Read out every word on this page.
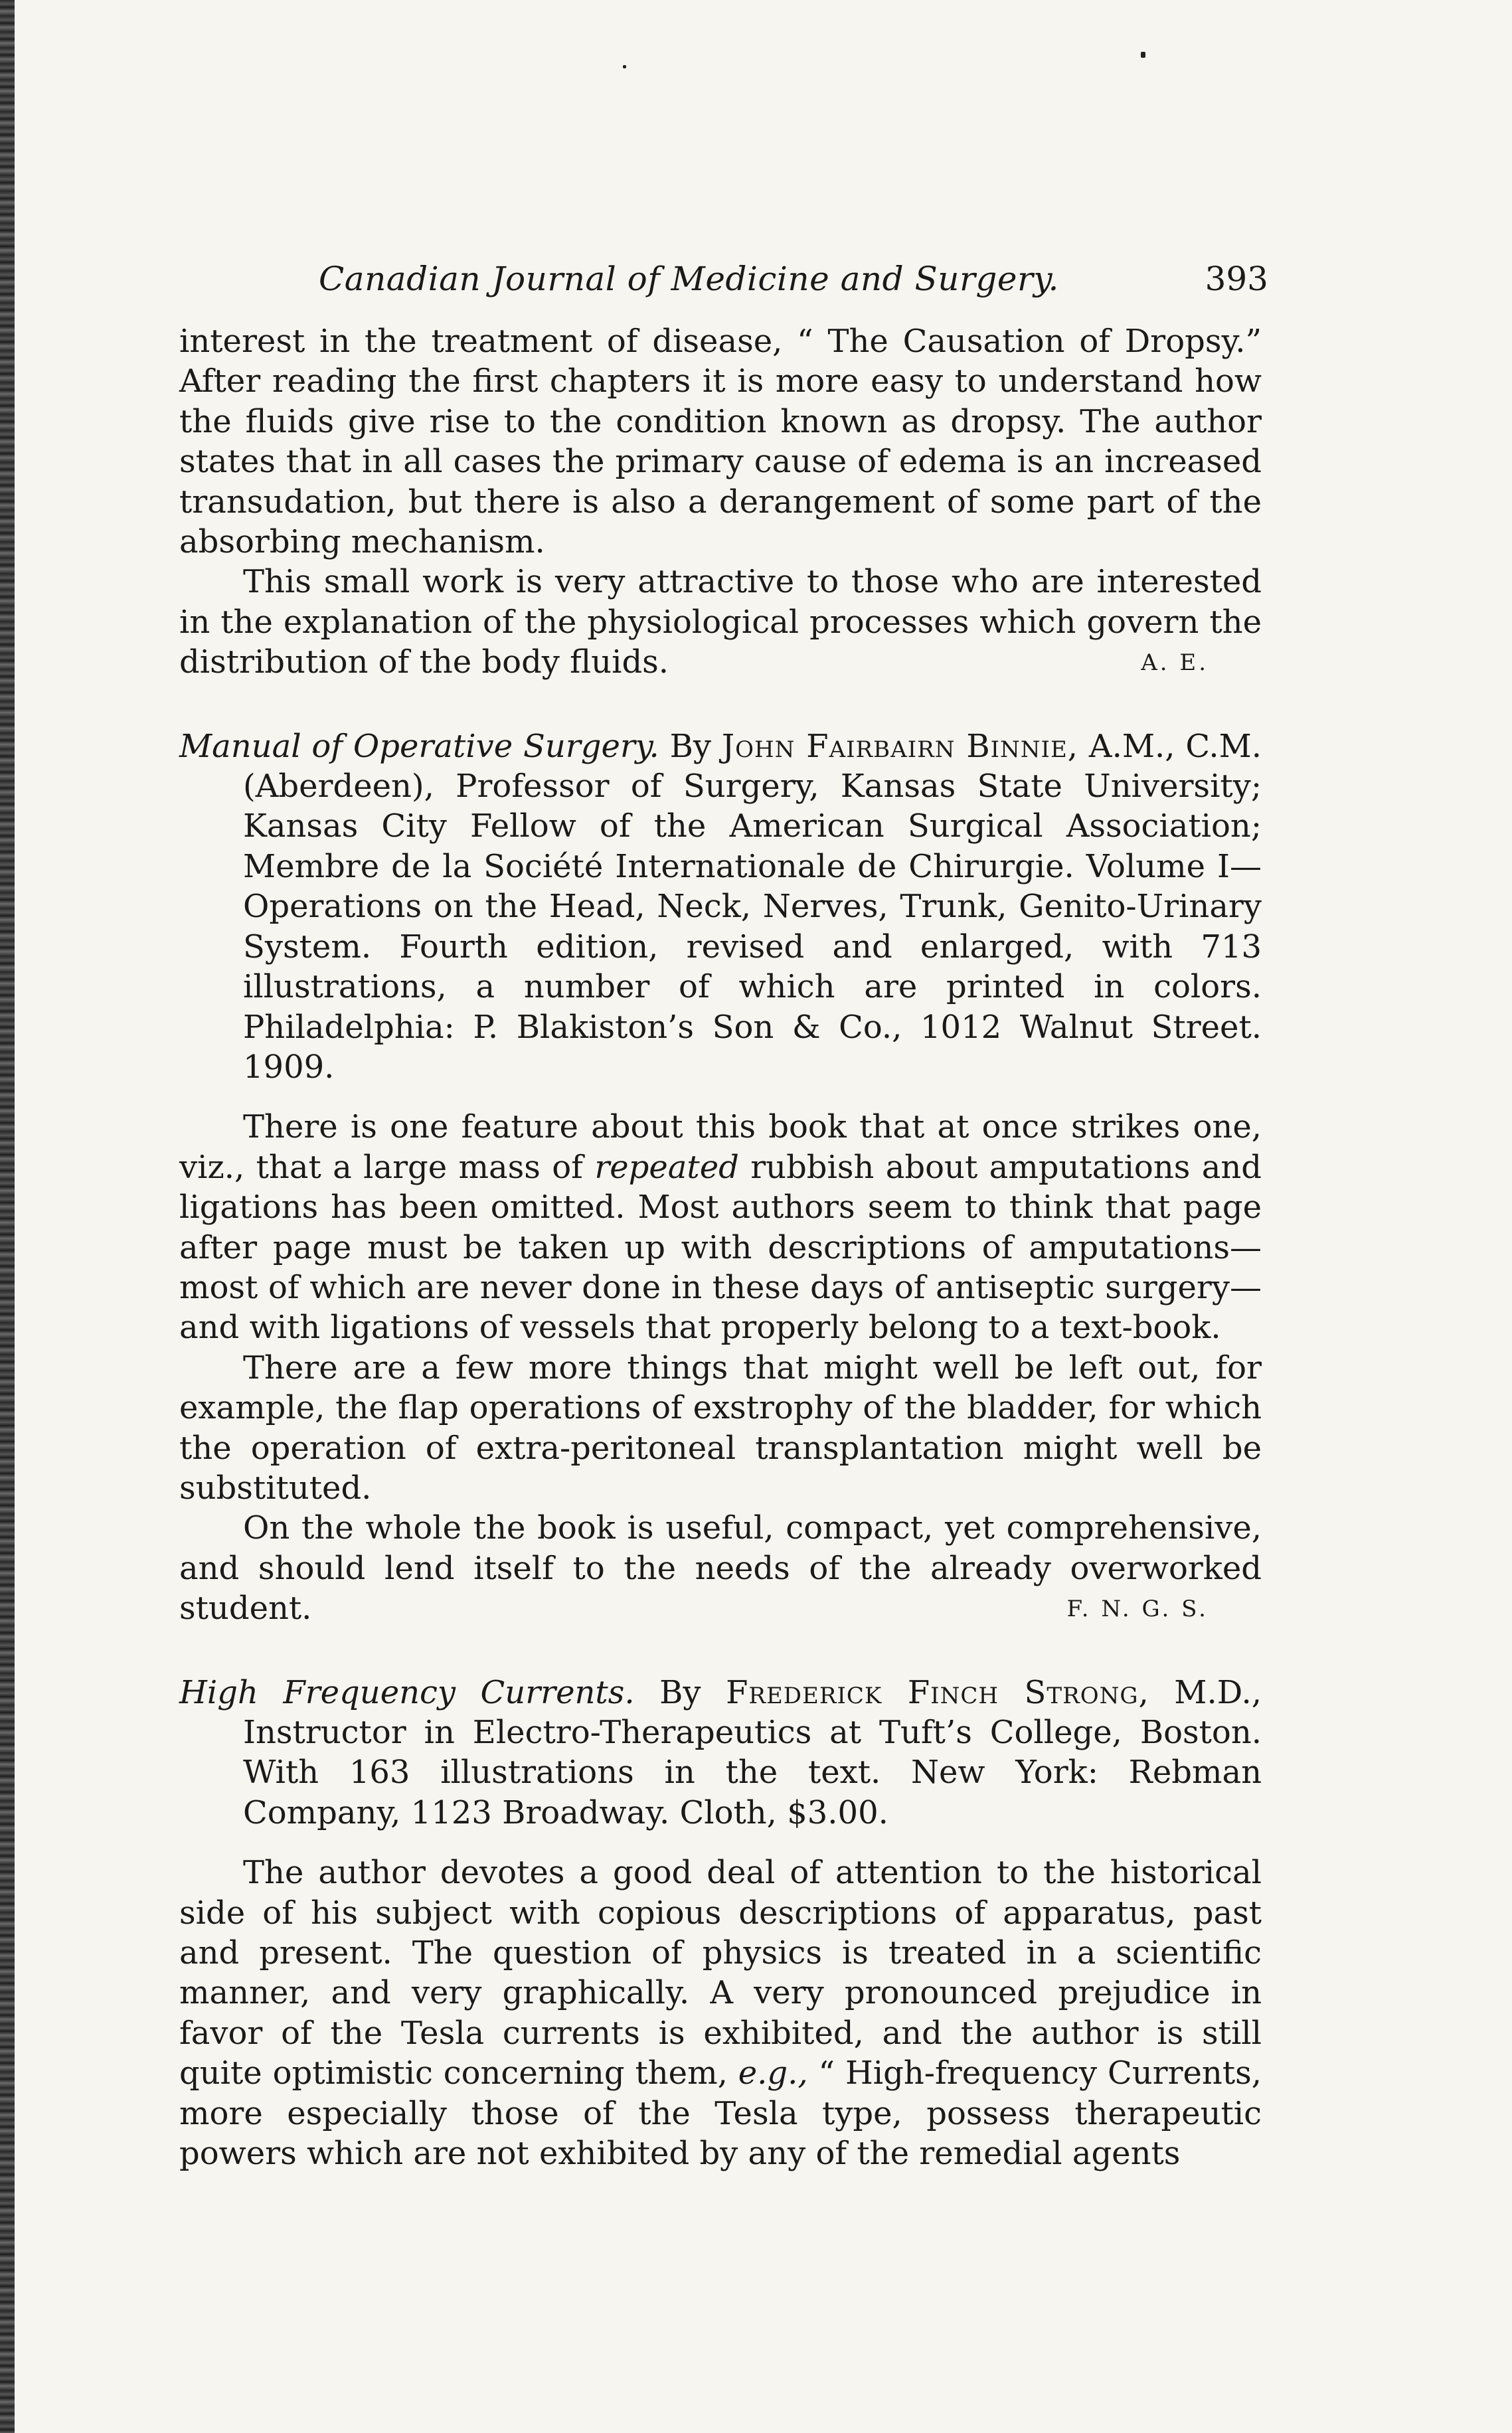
Canadian Journal of Medicine and Surgery.	393

interest in the treatment of disease, “ The Causation of Dropsy.” After reading the first chapters it is more easy to understand how the fluids give rise to the condition known as dropsy. The author states that in all cases the primary cause of edema is an increased transudation, but there is also a derangement of some part of the absorbing mechanism.

This small work is very attractive to those who are interested in the explanation of the physiological processes which govern the distribution of the body fluids.	A. E.

Manual of Operative Surgery. By John Fairbairn Binnie, A.M., C.M. (Aberdeen), Professor of Surgery, Kansas State University; Kansas City Fellow of the American Surgical Association; Membre de la Société Internationale de Chirurgie. Volume I—Operations on the Head, Neck, Nerves, Trunk, Genito-Urinary System. Fourth edition, revised and enlarged, with 713 illustrations, a number of which are printed in colors. Philadelphia: P. Blakiston’s Son & Co., 1012 Walnut Street. 1909.

There is one feature about this book that at once strikes one, viz., that a large mass of repeated rubbish about amputations and ligations has been omitted. Most authors seem to think that page after page must be taken up with descriptions of amputations—most of which are never done in these days of antiseptic surgery—and with ligations of vessels that properly belong to a text-book.

There are a few more things that might well be left out, for example, the flap operations of exstrophy of the bladder, for which the operation of extra-peritoneal transplantation might well be substituted.

On the whole the book is useful, compact, yet comprehensive, and should lend itself to the needs of the already overworked student.	F. N. G. S.

High Frequency Currents. By Frederick Finch Strong, M.D., Instructor in Electro-Therapeutics at Tuft’s College, Boston. With 163 illustrations in the text. New York: Rebman Company, 1123 Broadway. Cloth, $3.00.

The author devotes a good deal of attention to the historical side of his subject with copious descriptions of apparatus, past and present. The question of physics is treated in a scientific manner, and very graphically. A very pronounced prejudice in favor of the Tesla currents is exhibited, and the author is still quite optimistic concerning them, e.g., “ High-frequency Currents, more especially those of the Tesla type, possess therapeutic powers which are not exhibited by any of the remedial agents
